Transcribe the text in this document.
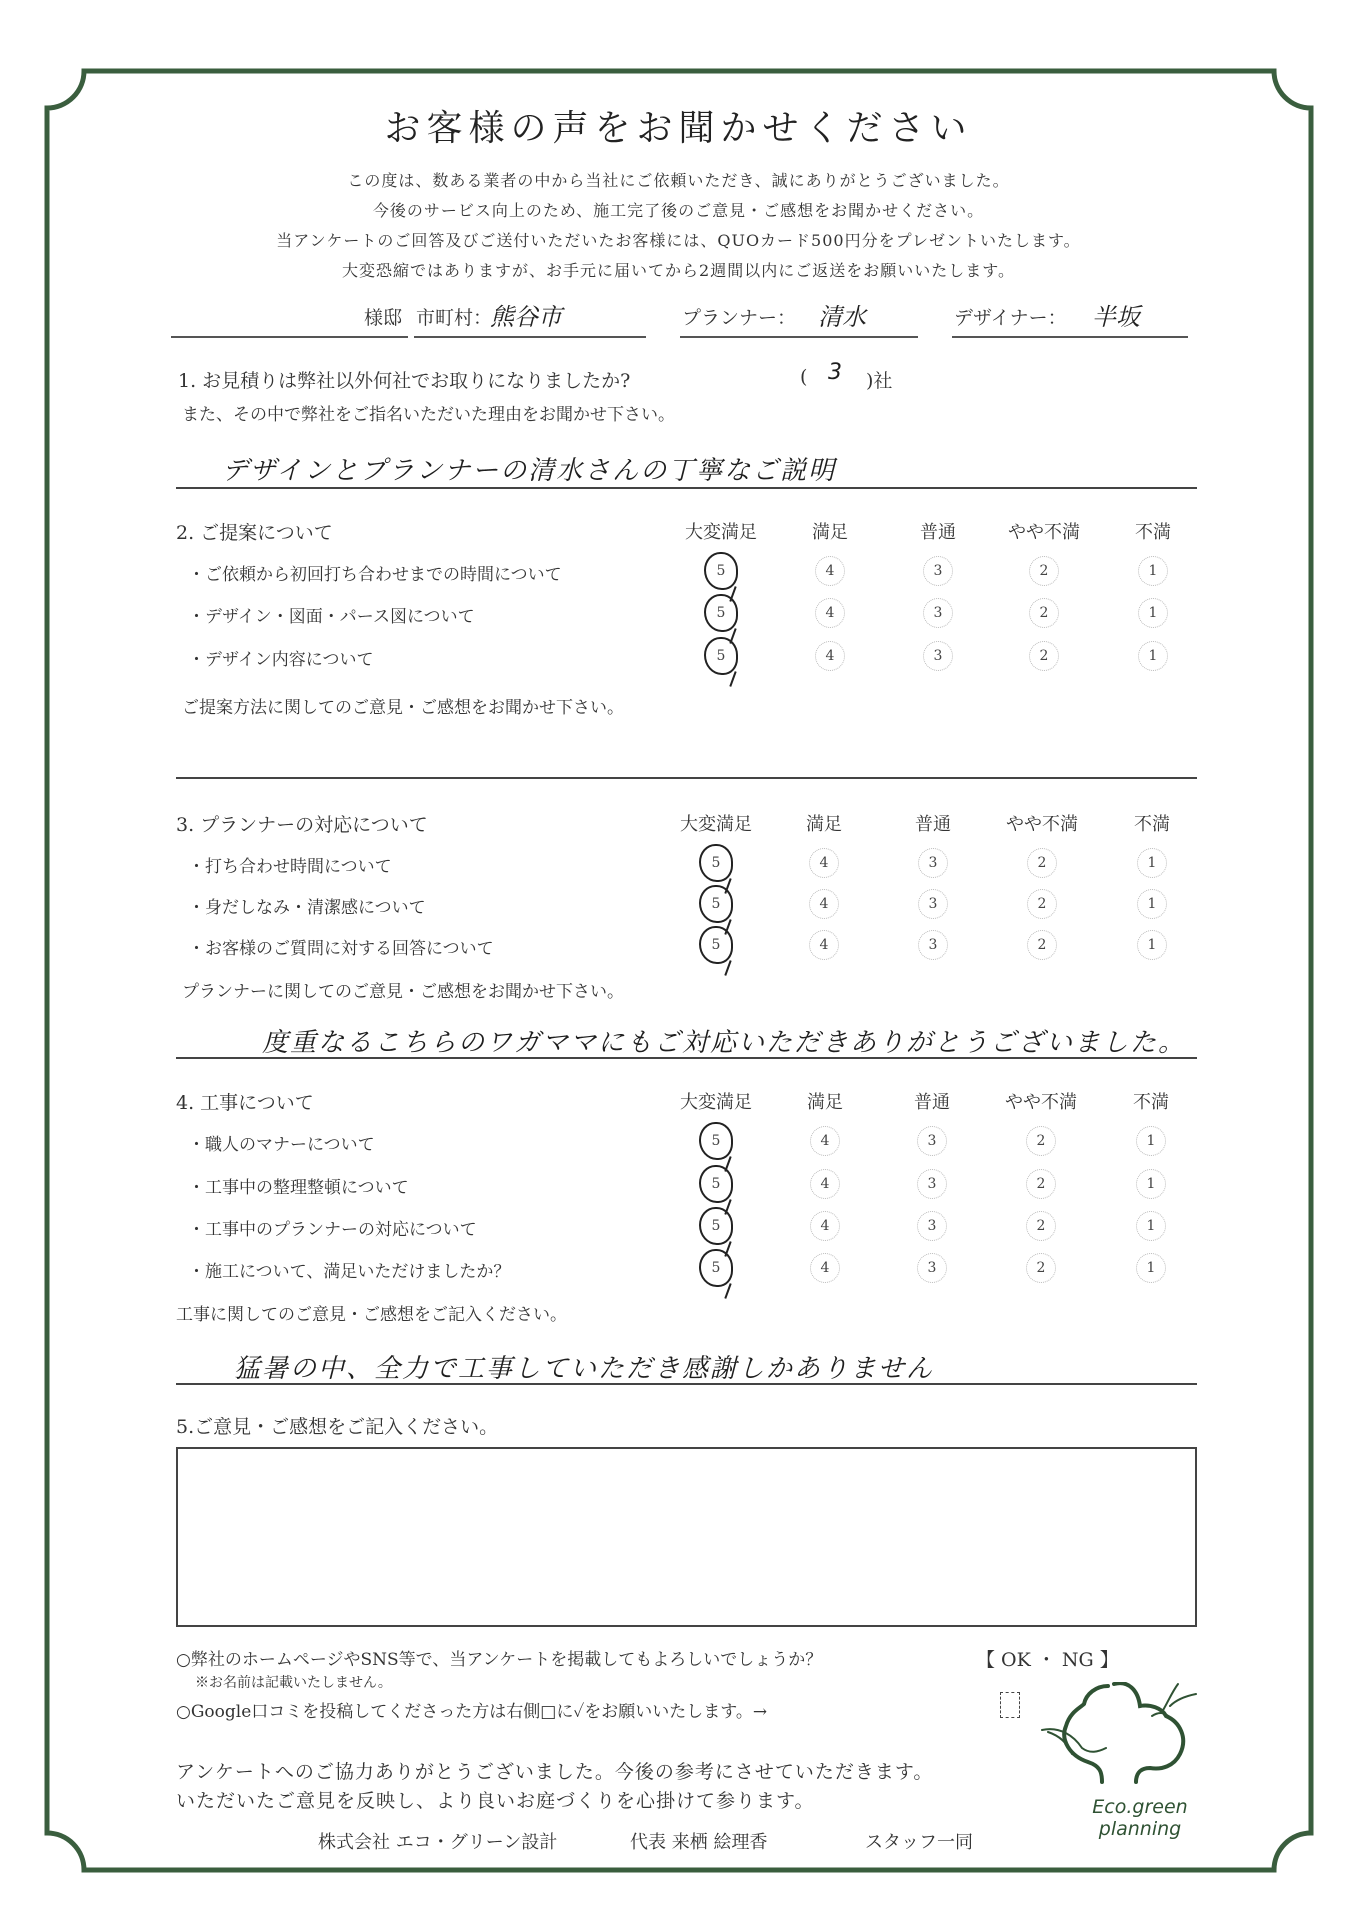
お客様の声をお聞かせください
この度は、数ある業者の中から当社にご依頼いただき、誠にありがとうございました。
今後のサービス向上のため、施工完了後のご意見・ご感想をお聞かせください。
当アンケートのご回答及びご送付いただいたお客様には、QUOカード500円分をプレゼントいたします。
大変恐縮ではありますが、お手元に届いてから2週間以内にご返送をお願いいたします。
様邸 市町村：
熊谷市	プランナー： 清水	デザイナー： 半坂
1. お見積りは弊社以外何社でお取りになりましたか?	( 3 )社
また、その中で弊社をご指名いただいた理由をお聞かせ下さい。
デザインとプランナーの清水さんの丁寧なご説明
2. ご提案について	大変満足	満足	普通	やや不満	不満
・ご依頼から初回打ち合わせまでの時間について	5	4	3	2	1
・デザイン・図面・パース図について	5	4	3	2	1
・デザイン内容について	5	4	3	2	1
ご提案方法に関してのご意見・ご感想をお聞かせ下さい。
3. プランナーの対応について	大変満足	満足	普通	やや不満	不満
・打ち合わせ時間について	5	4	3	2	1
・身だしなみ・清潔感について	5	4	3	2	1
・お客様のご質問に対する回答について	5	4	3	2	1
プランナーに関してのご意見・ご感想をお聞かせ下さい。
度重なるこちらのワガママにもご対応いただきありがとうございました。
4. 工事について	大変満足	満足	普通	やや不満	不満
・職人のマナーについて	5	4	3	2	1
・工事中の整理整頓について	5	4	3	2	1
・工事中のプランナーの対応について	5	4	3	2	1
・施工について、満足いただけましたか？	5	4	3	2	1
工事に関してのご意見・ご感想をご記入ください。
猛暑の中、全力で工事していただき感謝しかありません
5.ご意見・ご感想をご記入ください。
○弊社のホームページやSNS等で、当アンケートを掲載してもよろしいでしょうか？	【 OK ・ NG 】
※お名前は記載いたしません。
○Google口コミを投稿してくださった方は右側□に✓をお願いいたします。→
アンケートへのご協力ありがとうございました。今後の参考にさせていただきます。
いただいたご意見を反映し、より良いお庭づくりを心掛けて参ります。
株式会社 エコ・グリーン設計	代表 来栖 絵理香	スタッフ一同
Eco.green
planning
